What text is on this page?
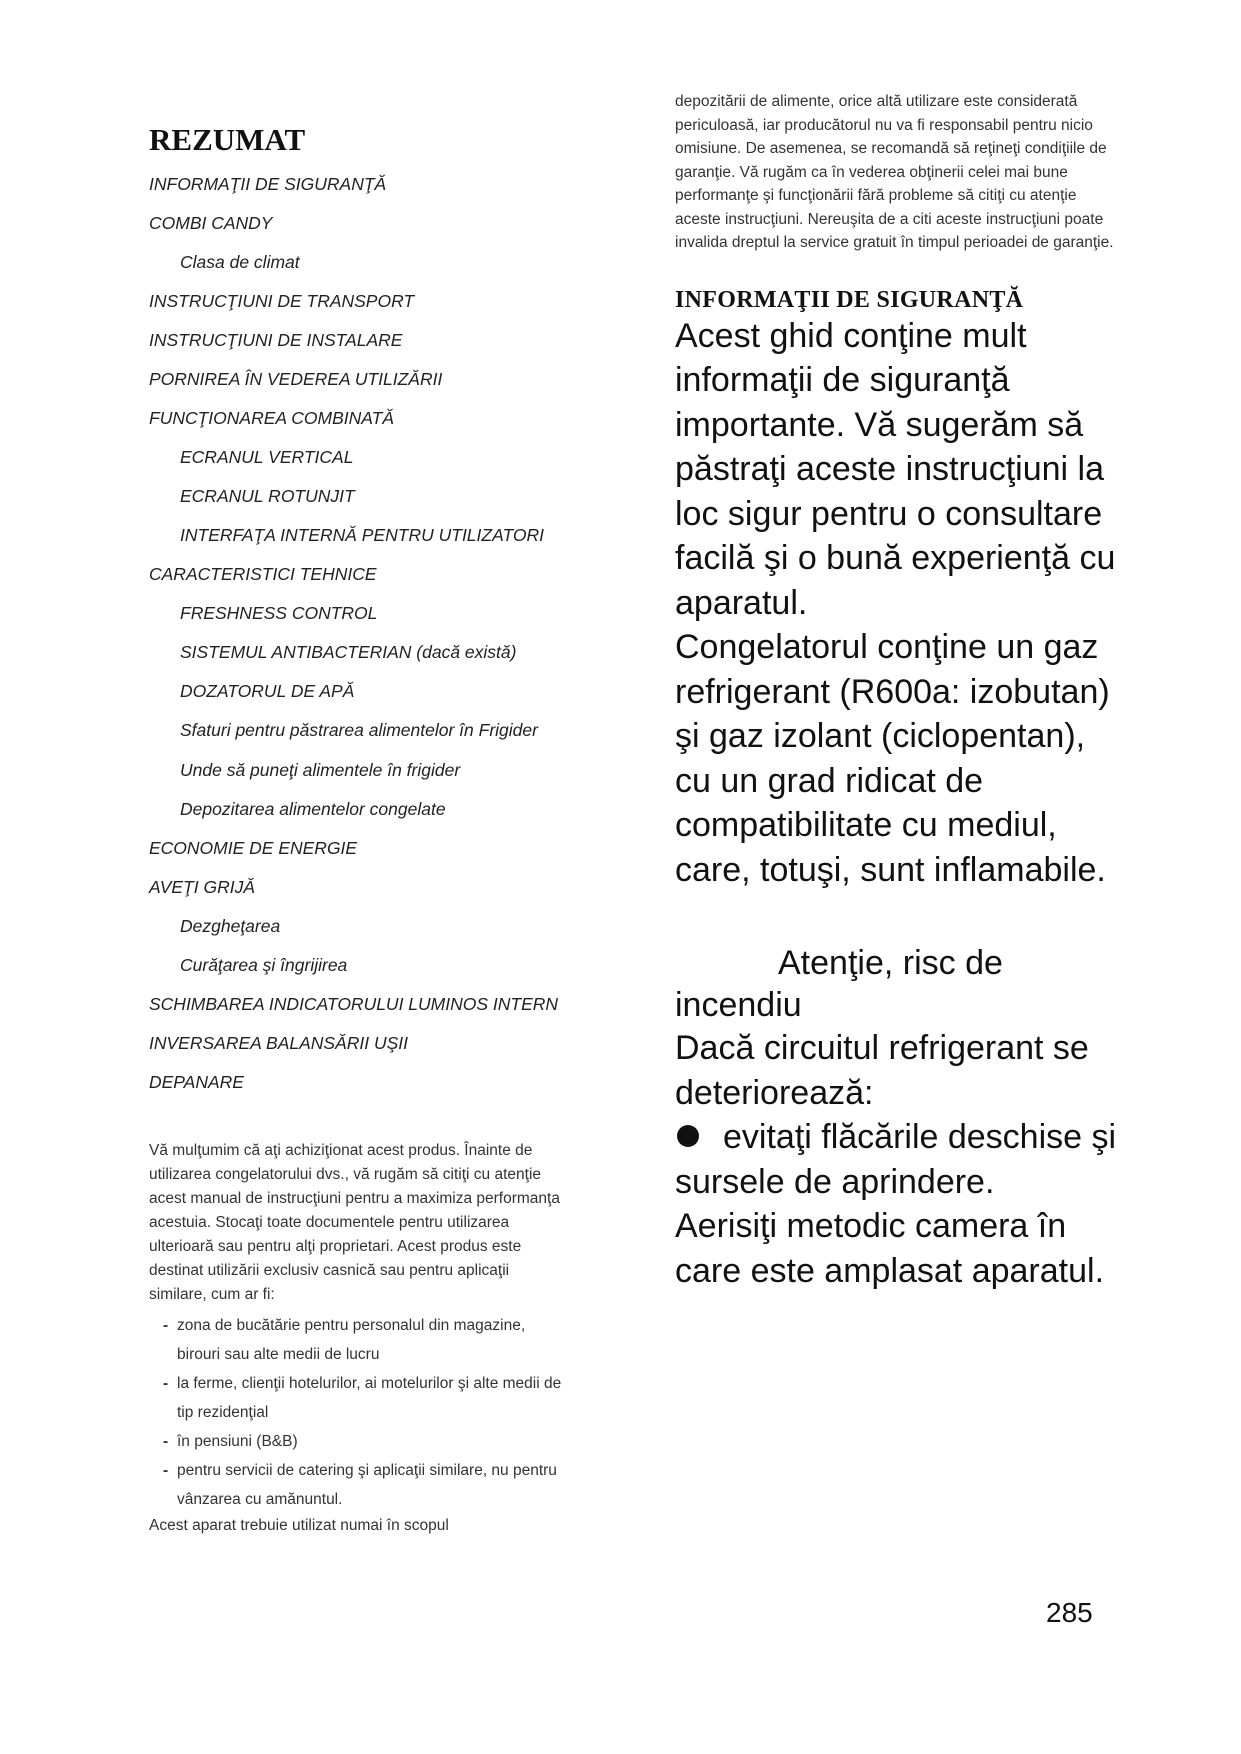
REZUMAT
INFORMAŢII DE SIGURANŢĂ
COMBI CANDY
Clasa de climat
INSTRUCŢIUNI DE TRANSPORT
INSTRUCŢIUNI DE INSTALARE
PORNIREA ÎN VEDEREA UTILIZĂRII
FUNCŢIONAREA COMBINATĂ
ECRANUL VERTICAL
ECRANUL ROTUNJIT
INTERFAŢA INTERNĂ PENTRU UTILIZATORI
CARACTERISTICI TEHNICE
FRESHNESS CONTROL
SISTEMUL ANTIBACTERIAN (dacă există)
DOZATORUL DE APĂ
Sfaturi pentru păstrarea alimentelor în Frigider
Unde să puneţi alimentele în frigider
Depozitarea alimentelor congelate
ECONOMIE DE ENERGIE
AVEŢI GRIJĂ
Dezgheţarea
Curăţarea şi îngrijirea
SCHIMBAREA INDICATORULUI LUMINOS INTERN
INVERSAREA BALANSĂRII UŞII
DEPANARE

Vă mulţumim că aţi achiziţionat acest produs. Înainte de utilizarea congelatorului dvs., vă rugăm să citiţi cu atenţie acest manual de instrucţiuni pentru a maximiza performanţa acestuia. Stocaţi toate documentele pentru utilizarea ulterioară sau pentru alţi proprietari. Acest produs este destinat utilizării exclusiv casnică sau pentru aplicaţii similare, cum ar fi:

- zona de bucătărie pentru personalul din magazine, birouri sau alte medii de lucru
- la ferme, clienţii hotelurilor, ai motelurilor şi alte medii de tip rezidenţial
- în pensiuni (B&B)
- pentru servicii de catering şi aplicaţii similare, nu pentru vânzarea cu amănuntul.

Acest aparat trebuie utilizat numai în scopul

depozitării de alimente, orice altă utilizare este considerată periculoasă, iar producătorul nu va fi responsabil pentru nicio omisiune. De asemenea, se recomandă să reţineţi condiţiile de garanţie. Vă rugăm ca în vederea obţinerii celei mai bune performanţe şi funcţionării fără probleme să citiţi cu atenţie aceste instrucţiuni. Nereuşita de a citi aceste instrucţiuni poate invalida dreptul la service gratuit în timpul perioadei de garanţie.

INFORMAŢII DE SIGURANŢĂ

Acest ghid conţine mult informaţii de siguranţă importante. Vă sugerăm să păstraţi aceste instrucţiuni la loc sigur pentru o consultare facilă şi o bună experienţă cu aparatul.

Congelatorul conţine un gaz refrigerant (R600a: izobutan) şi gaz izolant (ciclopentan), cu un grad ridicat de compatibilitate cu mediul, care, totuşi, sunt inflamabile.

Atenţie, risc de
incendiu

Dacă circuitul refrigerant se deteriorează:

evitaţi flăcările deschise şi sursele de aprindere.

Aerisiţi metodic camera în care este amplasat aparatul.

285
